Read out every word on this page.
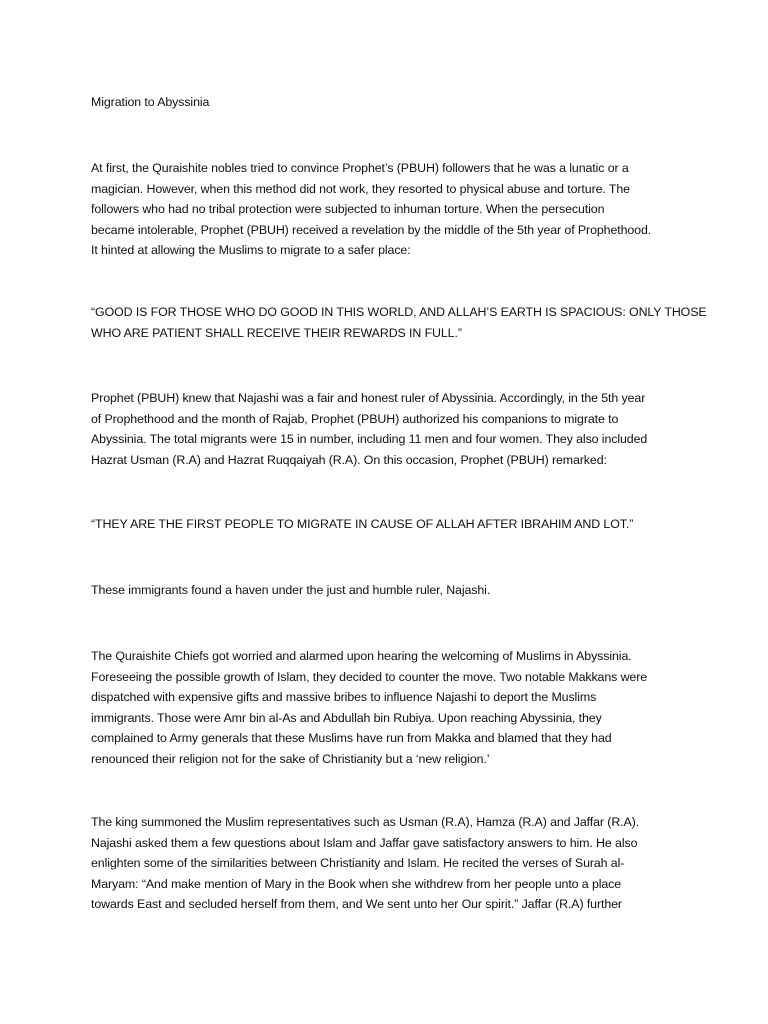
Migration to Abyssinia
At first, the Quraishite nobles tried to convince Prophet’s (PBUH) followers that he was a lunatic or a
magician. However, when this method did not work, they resorted to physical abuse and torture. The
followers who had no tribal protection were subjected to inhuman torture. When the persecution
became intolerable, Prophet (PBUH) received a revelation by the middle of the 5th year of Prophethood.
It hinted at allowing the Muslims to migrate to a safer place:
“GOOD IS FOR THOSE WHO DO GOOD IN THIS WORLD, AND ALLAH’S EARTH IS SPACIOUS: ONLY THOSE
WHO ARE PATIENT SHALL RECEIVE THEIR REWARDS IN FULL.”
Prophet (PBUH) knew that Najashi was a fair and honest ruler of Abyssinia. Accordingly, in the 5th year
of Prophethood and the month of Rajab, Prophet (PBUH) authorized his companions to migrate to
Abyssinia. The total migrants were 15 in number, including 11 men and four women. They also included
Hazrat Usman (R.A) and Hazrat Ruqqaiyah (R.A). On this occasion, Prophet (PBUH) remarked:
“THEY ARE THE FIRST PEOPLE TO MIGRATE IN CAUSE OF ALLAH AFTER IBRAHIM AND LOT.”
These immigrants found a haven under the just and humble ruler, Najashi.
The Quraishite Chiefs got worried and alarmed upon hearing the welcoming of Muslims in Abyssinia.
Foreseeing the possible growth of Islam, they decided to counter the move. Two notable Makkans were
dispatched with expensive gifts and massive bribes to influence Najashi to deport the Muslims
immigrants. Those were Amr bin al-As and Abdullah bin Rubiya. Upon reaching Abyssinia, they
complained to Army generals that these Muslims have run from Makka and blamed that they had
renounced their religion not for the sake of Christianity but a ‘new religion.’
The king summoned the Muslim representatives such as Usman (R.A), Hamza (R.A) and Jaffar (R.A).
Najashi asked them a few questions about Islam and Jaffar gave satisfactory answers to him. He also
enlighten some of the similarities between Christianity and Islam. He recited the verses of Surah al-
Maryam: “And make mention of Mary in the Book when she withdrew from her people unto a place
towards East and secluded herself from them, and We sent unto her Our spirit.” Jaffar (R.A) further
